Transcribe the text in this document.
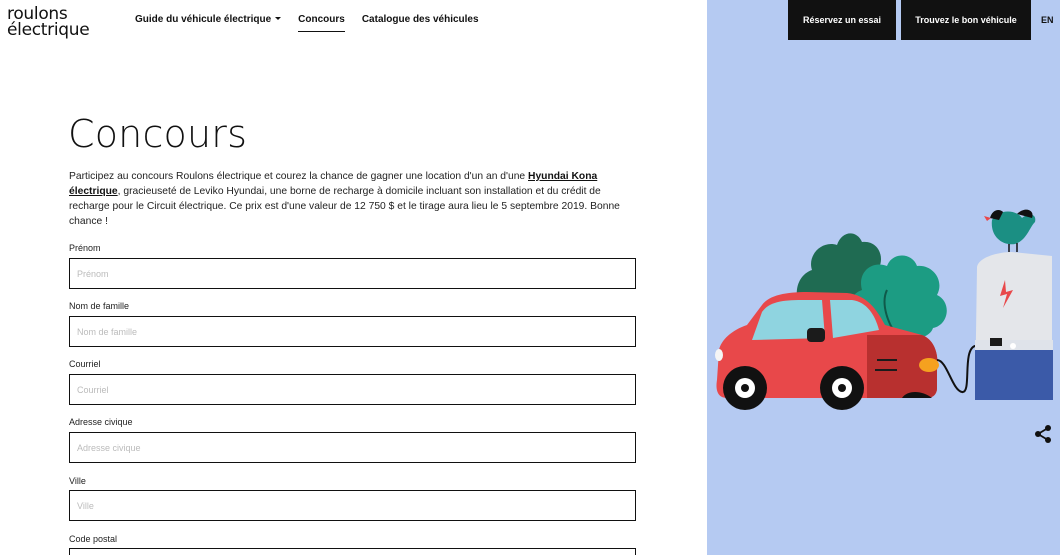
roulons
électrique
Guide du véhicule électrique	Concours Catalogue des véhicules
Concours

Participez au concours Roulons électrique et courez la chance de gagner une location d'un an d'une Hyundai Kona électrique, gracieuseté de Leviko Hyundai, une borne de recharge à domicile incluant son installation et du crédit de recharge pour le Circuit électrique. Ce prix est d'une valeur de 12 750 $ et le tirage aura lieu le 5 septembre 2019. Bonne chance !

Prénom
Prénom
Nom de famille
Nom de famille
Courriel
Courriel
Adresse civique
Adresse civique
Ville
Ville
Code postal
Code postal
Réservez un essai	Trouvez le bon véhicule	EN
